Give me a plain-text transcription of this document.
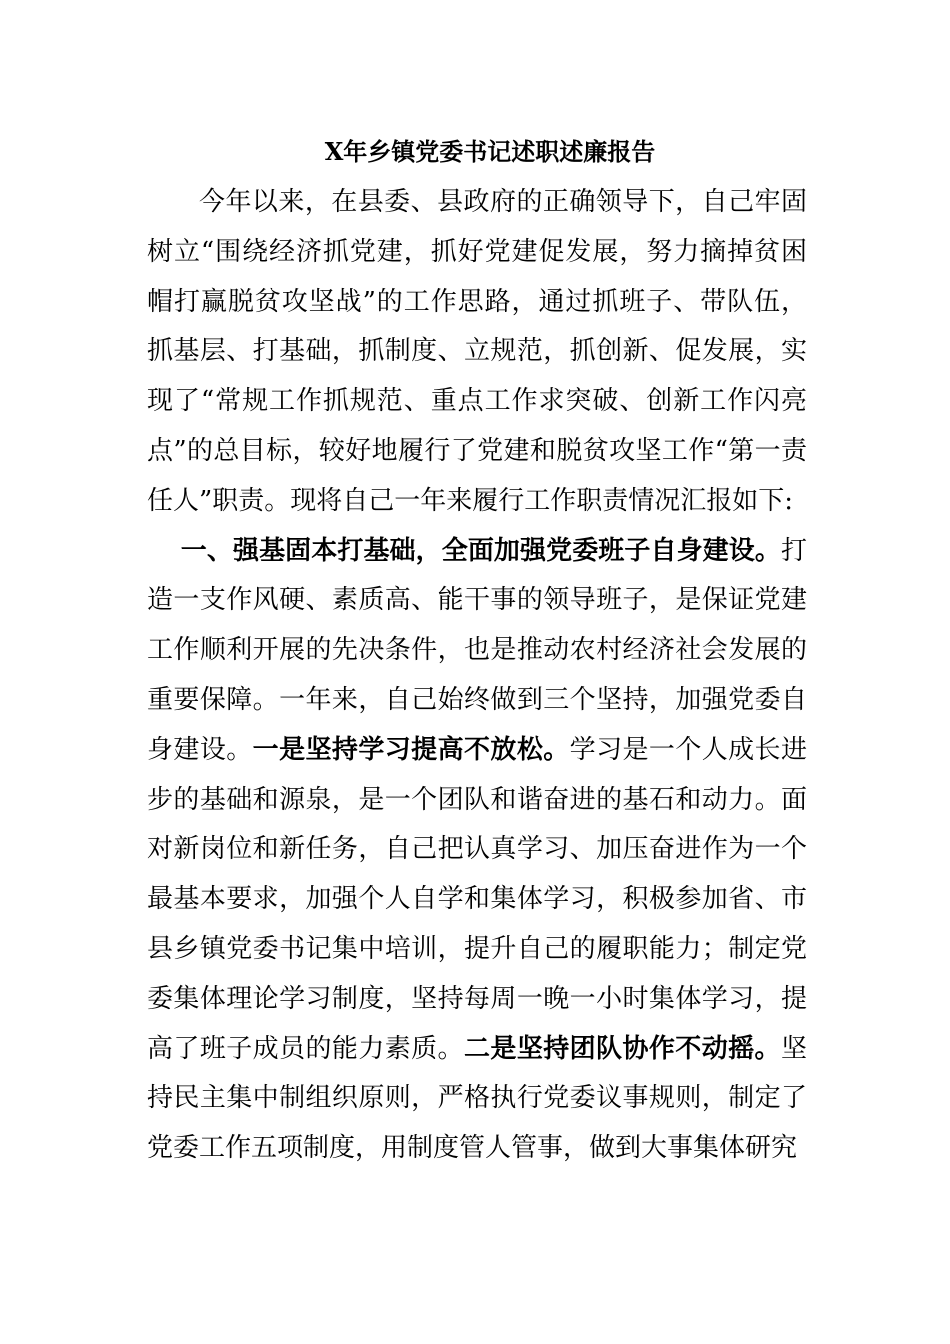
X年乡镇党委书记述职述廉报告

今年以来，在县委、县政府的正确领导下，自己牢固树立“围绕经济抓党建，抓好党建促发展，努力摘掉贫困帽打赢脱贫攻坚战”的工作思路，通过抓班子、带队伍，抓基层、打基础，抓制度、立规范，抓创新、促发展，实现了“常规工作抓规范、重点工作求突破、创新工作闪亮点”的总目标，较好地履行了党建和脱贫攻坚工作“第一责任人”职责。现将自己一年来履行工作职责情况汇报如下:

一、强基固本打基础，全面加强党委班子自身建设。打造一支作风硬、素质高、能干事的领导班子，是保证党建工作顺利开展的先决条件，也是推动农村经济社会发展的重要保障。一年来，自己始终做到三个坚持，加强党委自身建设。一是坚持学习提高不放松。学习是一个人成长进步的基础和源泉，是一个团队和谐奋进的基石和动力。面对新岗位和新任务，自己把认真学习、加压奋进作为一个最基本要求，加强个人自学和集体学习，积极参加省、市县乡镇党委书记集中培训，提升自己的履职能力；制定党委集体理论学习制度，坚持每周一晚一小时集体学习，提高了班子成员的能力素质。二是坚持团队协作不动摇。坚持民主集中制组织原则，严格执行党委议事规则，制定了党委工作五项制度，用制度管人管事，做到大事集体研究
